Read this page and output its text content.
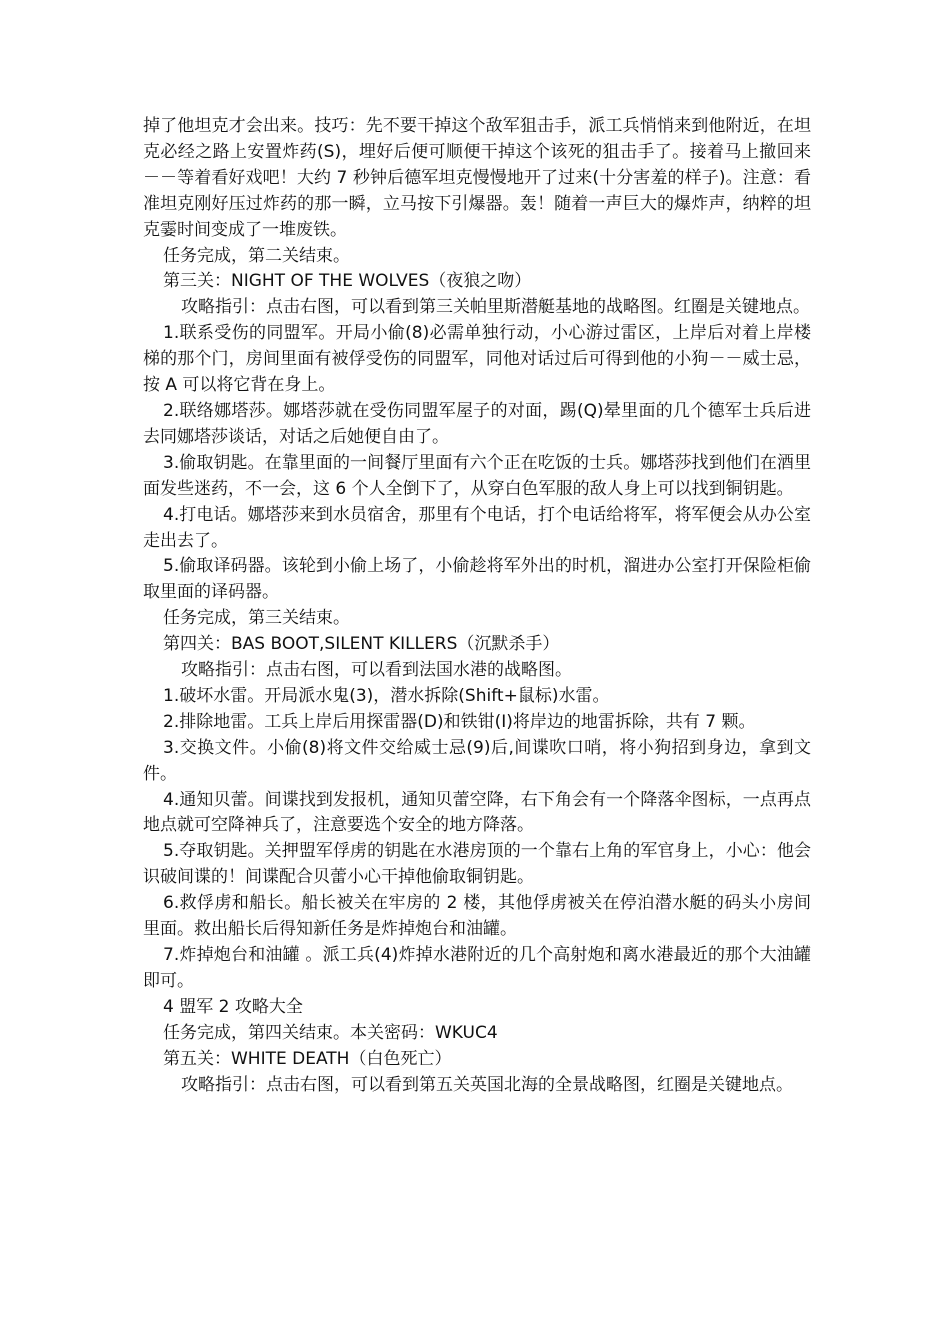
掉了他坦克才会出来。技巧：先不要干掉这个敌军狙击手，派工兵悄悄来到他附近，在坦克必经之路上安置炸药(S)，埋好后便可顺便干掉这个该死的狙击手了。接着马上撤回来－－等着看好戏吧！大约 7 秒钟后德军坦克慢慢地开了过来(十分害羞的样子)。注意：看准坦克刚好压过炸药的那一瞬，立马按下引爆器。轰！随着一声巨大的爆炸声，纳粹的坦克霎时间变成了一堆废铁。

任务完成，第二关结束。

第三关：NIGHT OF THE WOLVES（夜狼之吻）

攻略指引：点击右图，可以看到第三关帕里斯潜艇基地的战略图。红圈是关键地点。

1.联系受伤的同盟军。开局小偷(8)必需单独行动，小心游过雷区，上岸后对着上岸楼梯的那个门，房间里面有被俘受伤的同盟军，同他对话过后可得到他的小狗－－威士忌，按 A 可以将它背在身上。

2.联络娜塔莎。娜塔莎就在受伤同盟军屋子的对面，踢(Q)晕里面的几个德军士兵后进去同娜塔莎谈话，对话之后她便自由了。

3.偷取钥匙。在靠里面的一间餐厅里面有六个正在吃饭的士兵。娜塔莎找到他们在酒里面发些迷药，不一会，这 6 个人全倒下了，从穿白色军服的敌人身上可以找到铜钥匙。

4.打电话。娜塔莎来到水员宿舍，那里有个电话，打个电话给将军，将军便会从办公室走出去了。

5.偷取译码器。该轮到小偷上场了，小偷趁将军外出的时机，溜进办公室打开保险柜偷取里面的译码器。

任务完成，第三关结束。

第四关：BAS BOOT,SILENT KILLERS（沉默杀手）

攻略指引：点击右图，可以看到法国水港的战略图。

1.破坏水雷。开局派水鬼(3)，潜水拆除(Shift+鼠标)水雷。

2.排除地雷。工兵上岸后用探雷器(D)和铁钳(I)将岸边的地雷拆除，共有 7 颗。

3.交换文件。小偷(8)将文件交给威士忌(9)后,间谍吹口哨，将小狗招到身边，拿到文件。

4.通知贝蕾。间谍找到发报机，通知贝蕾空降，右下角会有一个降落伞图标，一点再点地点就可空降神兵了，注意要选个安全的地方降落。

5.夺取钥匙。关押盟军俘虏的钥匙在水港房顶的一个靠右上角的军官身上，小心：他会识破间谍的！间谍配合贝蕾小心干掉他偷取铜钥匙。

6.救俘虏和船长。船长被关在牢房的 2 楼，其他俘虏被关在停泊潜水艇的码头小房间里面。救出船长后得知新任务是炸掉炮台和油罐。

7.炸掉炮台和油罐 。派工兵(4)炸掉水港附近的几个高射炮和离水港最近的那个大油罐即可。

4 盟军 2 攻略大全

任务完成，第四关结束。本关密码：WKUC4

第五关：WHITE DEATH（白色死亡）

攻略指引：点击右图，可以看到第五关英国北海的全景战略图，红圈是关键地点。
